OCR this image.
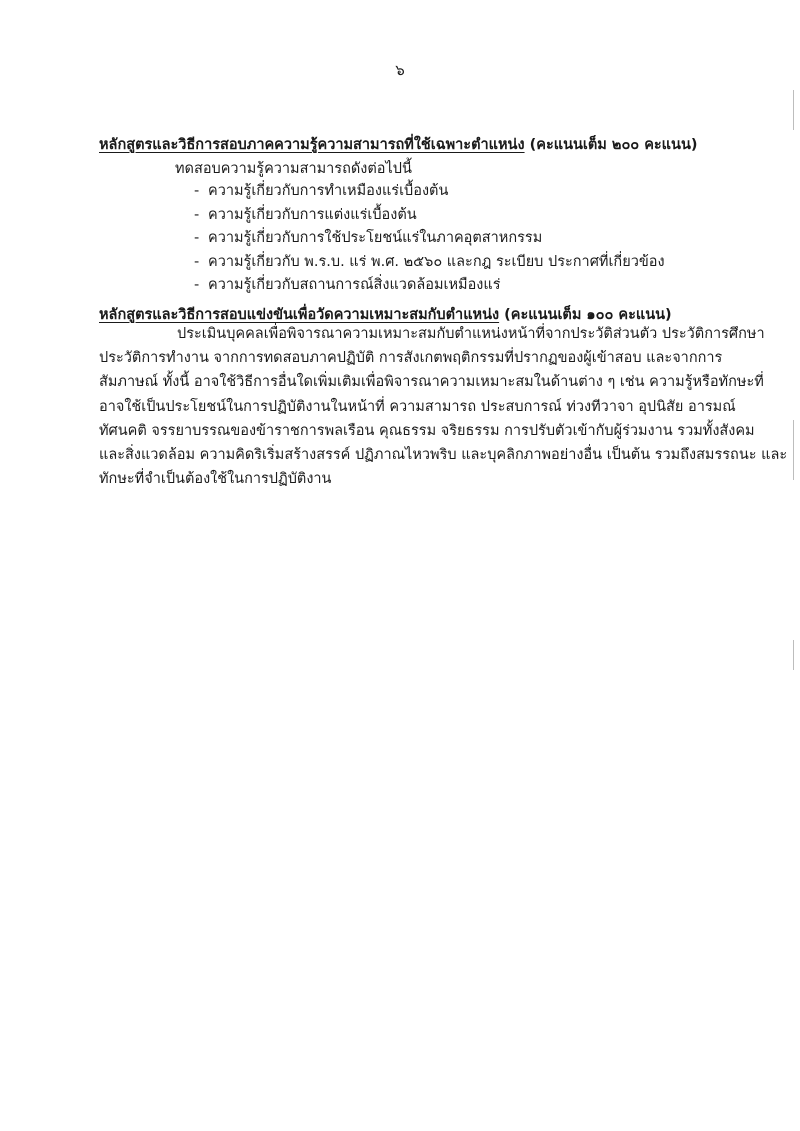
๖
หลักสูตรและวิธีการสอบภาคความรู้ความสามารถที่ใช้เฉพาะตำแหน่ง (คะแนนเต็ม ๒๐๐ คะแนน)
ทดสอบความรู้ความสามารถดังต่อไปนี้
- ความรู้เกี่ยวกับการทำเหมืองแร่เบื้องต้น
- ความรู้เกี่ยวกับการแต่งแร่เบื้องต้น
- ความรู้เกี่ยวกับการใช้ประโยชน์แร่ในภาคอุตสาหกรรม
- ความรู้เกี่ยวกับ พ.ร.บ. แร่ พ.ศ. ๒๕๖๐ และกฎ ระเบียบ ประกาศที่เกี่ยวข้อง
- ความรู้เกี่ยวกับสถานการณ์สิ่งแวดล้อมเหมืองแร่
หลักสูตรและวิธีการสอบแข่งขันเพื่อวัดความเหมาะสมกับตำแหน่ง (คะแนนเต็ม ๑๐๐ คะแนน)
ประเมินบุคคลเพื่อพิจารณาความเหมาะสมกับตำแหน่งหน้าที่จากประวัติส่วนตัว ประวัติการศึกษา
ประวัติการทำงาน จากการทดสอบภาคปฏิบัติ การสังเกตพฤติกรรมที่ปรากฏของผู้เข้าสอบ และจากการ
สัมภาษณ์ ทั้งนี้ อาจใช้วิธีการอื่นใดเพิ่มเติมเพื่อพิจารณาความเหมาะสมในด้านต่าง ๆ เช่น ความรู้หรือทักษะที่
อาจใช้เป็นประโยชน์ในการปฏิบัติงานในหน้าที่ ความสามารถ ประสบการณ์ ท่วงทีวาจา อุปนิสัย อารมณ์
ทัศนคติ จรรยาบรรณของข้าราชการพลเรือน คุณธรรม จริยธรรม การปรับตัวเข้ากับผู้ร่วมงาน รวมทั้งสังคม
และสิ่งแวดล้อม ความคิดริเริ่มสร้างสรรค์ ปฏิภาณไหวพริบ และบุคลิกภาพอย่างอื่น เป็นต้น รวมถึงสมรรถนะ และ
ทักษะที่จำเป็นต้องใช้ในการปฏิบัติงาน
